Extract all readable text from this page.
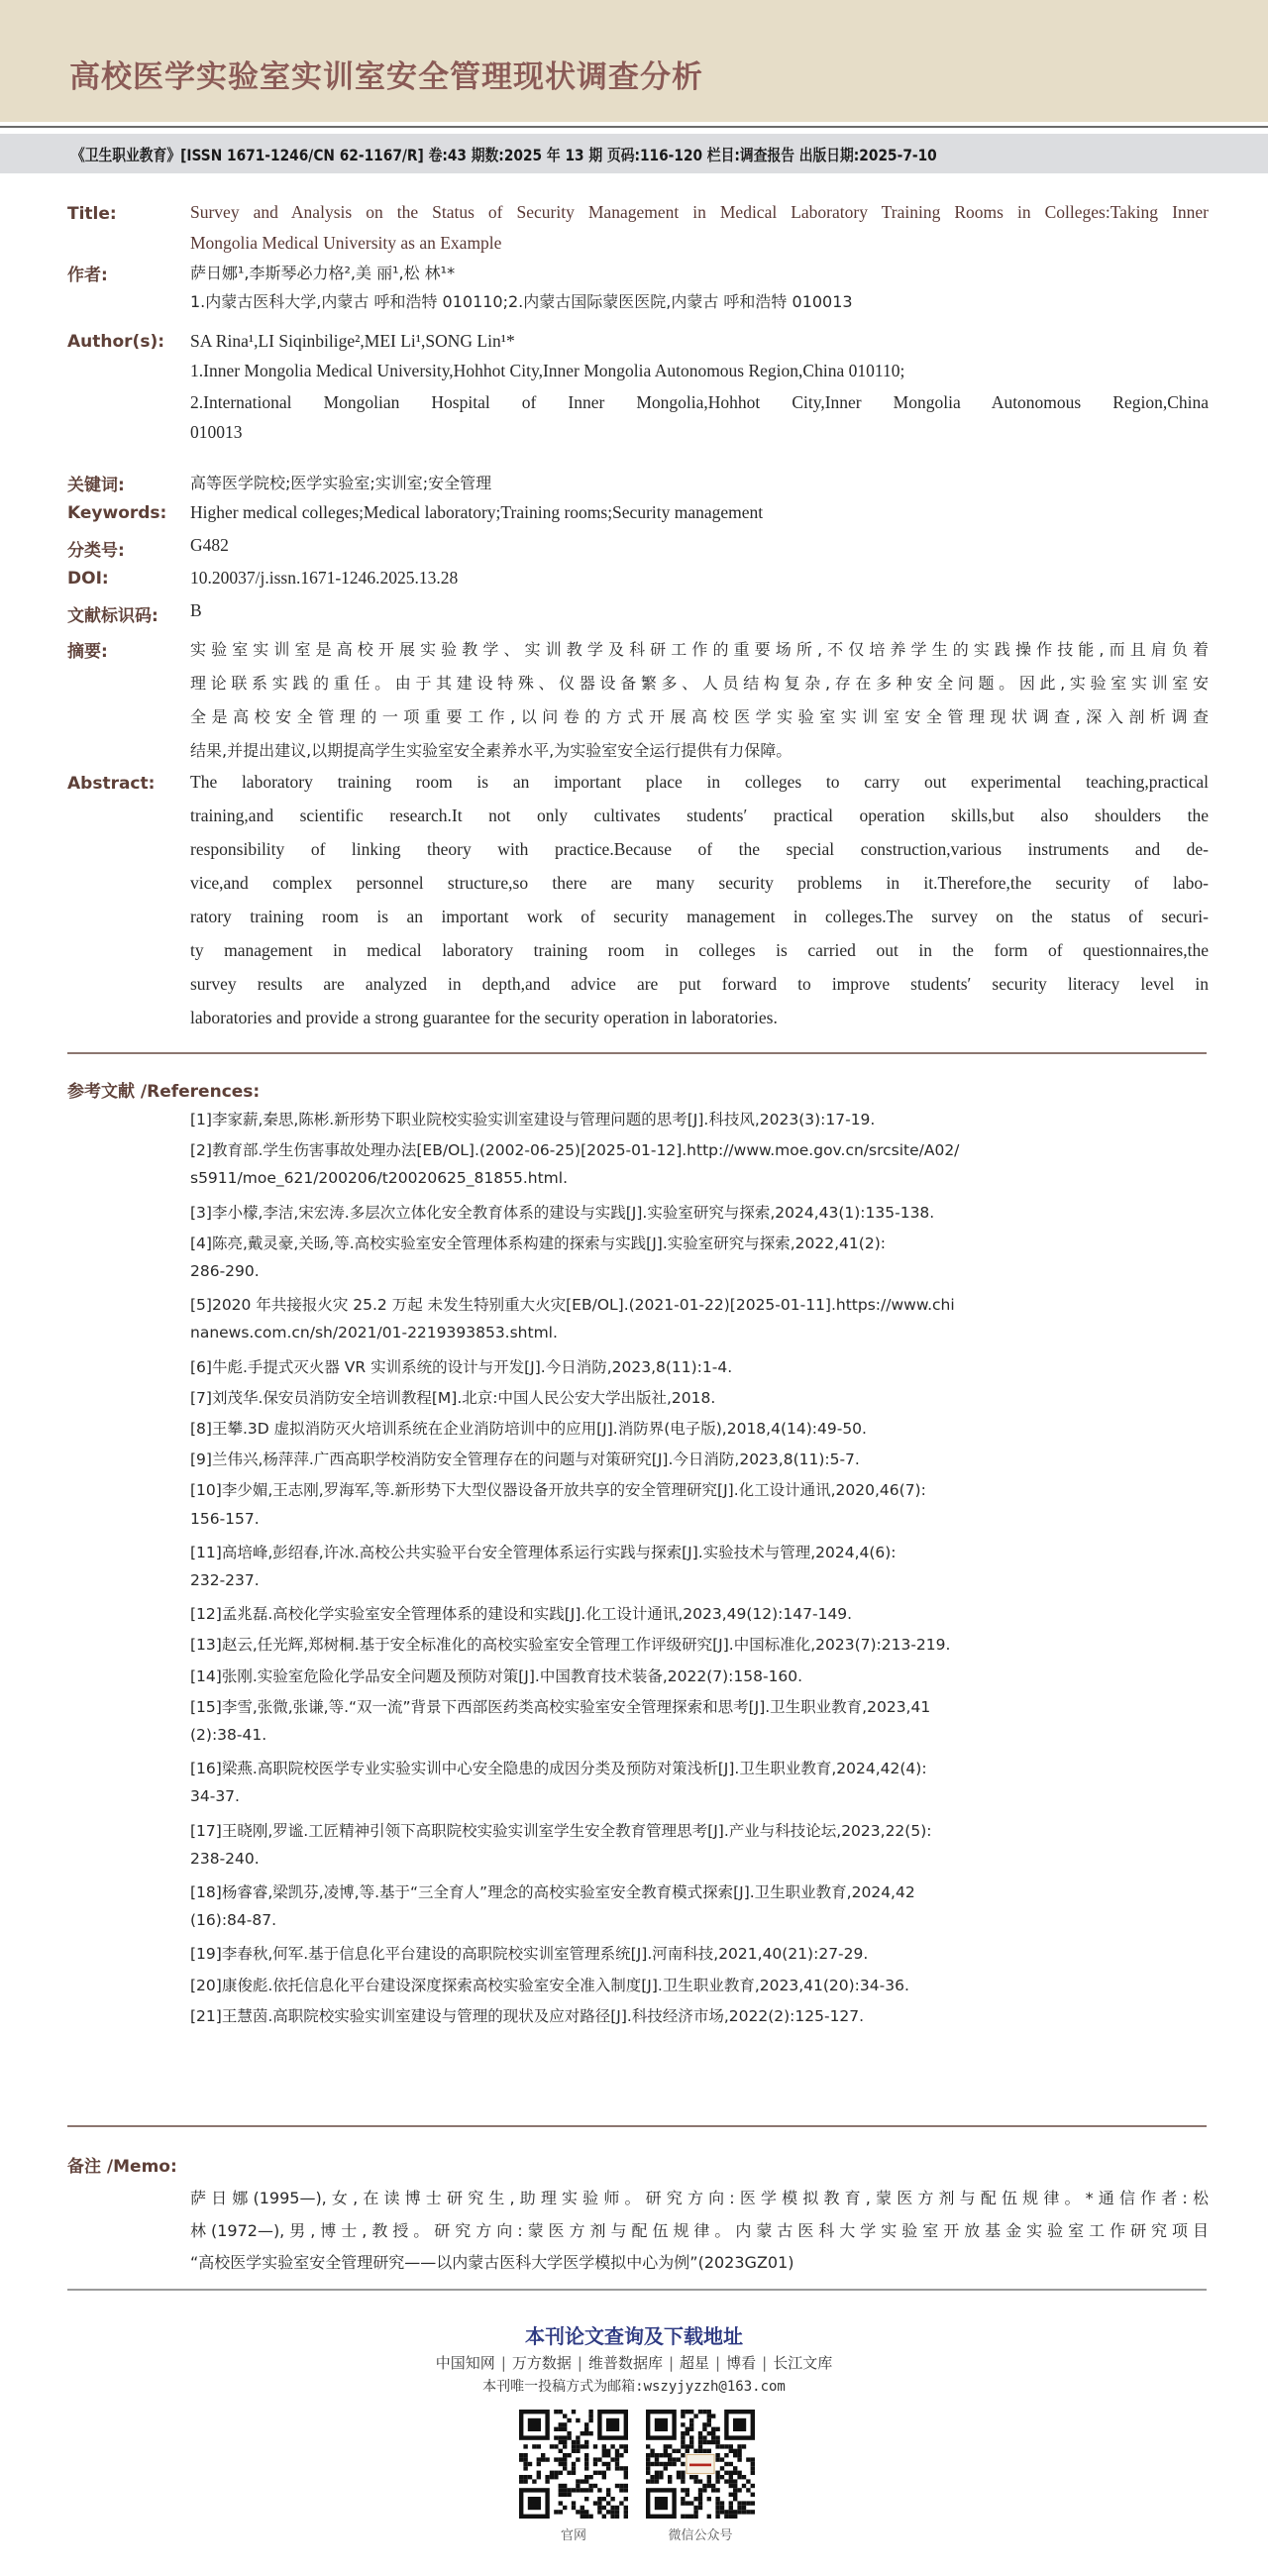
高校医学实验室实训室安全管理现状调查分析
《卫生职业教育》[ISSN 1671-1246/CN 62-1167/R] 卷:43 期数:2025 年 13 期 页码:116-120 栏目:调查报告 出版日期:2025-7-10
Title:	Survey and Analysis on the Status of Security Management in Medical Laboratory Training Rooms in Colleges:Taking Inner
Mongolia Medical University as an Example
作者:	萨日娜¹,李斯琴必力格²,美 丽¹,松 林¹*
1.内蒙古医科大学,内蒙古 呼和浩特 010110;2.内蒙古国际蒙医医院,内蒙古 呼和浩特 010013
Author(s): SA Rina¹,LI Siqinbilige²,MEI Li¹,SONG Lin¹*
1.Inner Mongolia Medical University,Hohhot City,Inner Mongolia Autonomous Region,China 010110;
2.International Mongolian Hospital of Inner Mongolia,Hohhot City,Inner Mongolia Autonomous Region,China
010013
关键词:	高等医学院校;医学实验室;实训室;安全管理
Keywords: Higher medical colleges;Medical laboratory;Training rooms;Security management
分类号:	G482
DOI:	10.20037/j.issn.1671-1246.2025.13.28
文献标识码: B
摘要:	实验室实训室是高校开展实验教学、实训教学及科研工作的重要场所,不仅培养学生的实践操作技能,而且肩负着
理论联系实践的重任。由于其建设特殊、仪器设备繁多、人员结构复杂,存在多种安全问题。因此,实验室实训室安
全是高校安全管理的一项重要工作,以问卷的方式开展高校医学实验室实训室安全管理现状调查,深入剖析调查
结果,并提出建议,以期提高学生实验室安全素养水平,为实验室安全运行提供有力保障。
Abstract: The laboratory training room is an important place in colleges to carry out experimental teaching,practical
training,and scientific research.It not only cultivates students′ practical operation skills,but also shoulders the
responsibility of linking theory with practice.Because of the special construction,various instruments and de-
vice,and complex personnel structure,so there are many security problems in it.Therefore,the security of labo-
ratory training room is an important work of security management in colleges.The survey on the status of securi-
ty management in medical laboratory training room in colleges is carried out in the form of questionnaires,the
survey results are analyzed in depth,and advice are put forward to improve students′ security literacy level in
laboratories and provide a strong guarantee for the security operation in laboratories.
参考文献 /References:
[1]李家薪,秦思,陈彬.新形势下职业院校实验实训室建设与管理问题的思考[J].科技风,2023(3):17-19.
[2]教育部.学生伤害事故处理办法[EB/OL].(2002-06-25)[2025-01-12].http://www.moe.gov.cn/srcsite/A02/
s5911/moe_621/200206/t20020625_81855.html.
[3]李小檬,李洁,宋宏涛.多层次立体化安全教育体系的建设与实践[J].实验室研究与探索,2024,43(1):135-138.
[4]陈亮,戴灵豪,关旸,等.高校实验室安全管理体系构建的探索与实践[J].实验室研究与探索,2022,41(2):
286-290.
[5]2020 年共接报火灾 25.2 万起 未发生特别重大火灾[EB/OL].(2021-01-22)[2025-01-11].https://www.chi
nanews.com.cn/sh/2021/01-2219393853.shtml.
[6]牛彪.手提式灭火器 VR 实训系统的设计与开发[J].今日消防,2023,8(11):1-4.
[7]刘茂华.保安员消防安全培训教程[M].北京:中国人民公安大学出版社,2018.
[8]王攀.3D 虚拟消防灭火培训系统在企业消防培训中的应用[J].消防界(电子版),2018,4(14):49-50.
[9]兰伟兴,杨萍萍.广西高职学校消防安全管理存在的问题与对策研究[J].今日消防,2023,8(11):5-7.
[10]李少媚,王志刚,罗海军,等.新形势下大型仪器设备开放共享的安全管理研究[J].化工设计通讯,2020,46(7):
156-157.
[11]高培峰,彭绍春,许冰.高校公共实验平台安全管理体系运行实践与探索[J].实验技术与管理,2024,4(6):
232-237.
[12]孟兆磊.高校化学实验室安全管理体系的建设和实践[J].化工设计通讯,2023,49(12):147-149.
[13]赵云,任光辉,郑树桐.基于安全标准化的高校实验室安全管理工作评级研究[J].中国标准化,2023(7):213-219.
[14]张刚.实验室危险化学品安全问题及预防对策[J].中国教育技术装备,2022(7):158-160.
[15]李雪,张微,张谦,等.“双一流”背景下西部医药类高校实验室安全管理探索和思考[J].卫生职业教育,2023,41
(2):38-41.
[16]梁燕.高职院校医学专业实验实训中心安全隐患的成因分类及预防对策浅析[J].卫生职业教育,2024,42(4):
34-37.
[17]王晓刚,罗谧.工匠精神引领下高职院校实验实训室学生安全教育管理思考[J].产业与科技论坛,2023,22(5):
238-240.
[18]杨睿睿,梁凯芬,凌博,等.基于“三全育人”理念的高校实验室安全教育模式探索[J].卫生职业教育,2024,42
(16):84-87.
[19]李春秋,何军.基于信息化平台建设的高职院校实训室管理系统[J].河南科技,2021,40(21):27-29.
[20]康俊彪.依托信息化平台建设深度探索高校实验室安全准入制度[J].卫生职业教育,2023,41(20):34-36.
[21]王慧茵.高职院校实验实训室建设与管理的现状及应对路径[J].科技经济市场,2022(2):125-127.
备注 /Memo:
萨日娜(1995—),女,在读博士研究生,助理实验师。研究方向:医学模拟教育,蒙医方剂与配伍规律。*通信作者:松
林(1972—),男,博士,教授。研究方向:蒙医方剂与配伍规律。内蒙古医科大学实验室开放基金实验室工作研究项目
“高校医学实验室安全管理研究——以内蒙古医科大学医学模拟中心为例”(2023GZ01)
本刊论文查询及下载地址
中国知网 | 万方数据 | 维普数据库 | 超星 | 博看 | 长江文库
本刊唯一投稿方式为邮箱:wszyjyzzh@163.com
官网	微信公众号
